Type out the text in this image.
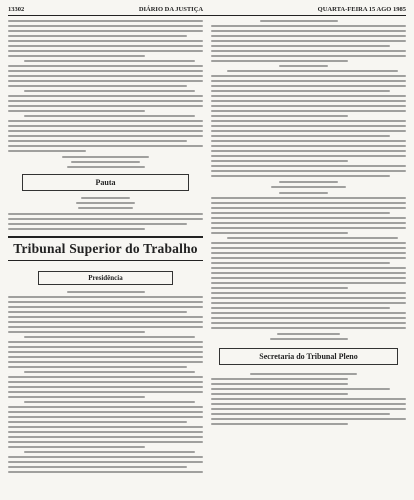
13302	DIÁRIO DA JUSTIÇA	QUARTA-FEIRA 15 AGO 1985
Pauta
Tribunal Superior do Trabalho
Presidência
Secretaria do Tribunal Pleno
